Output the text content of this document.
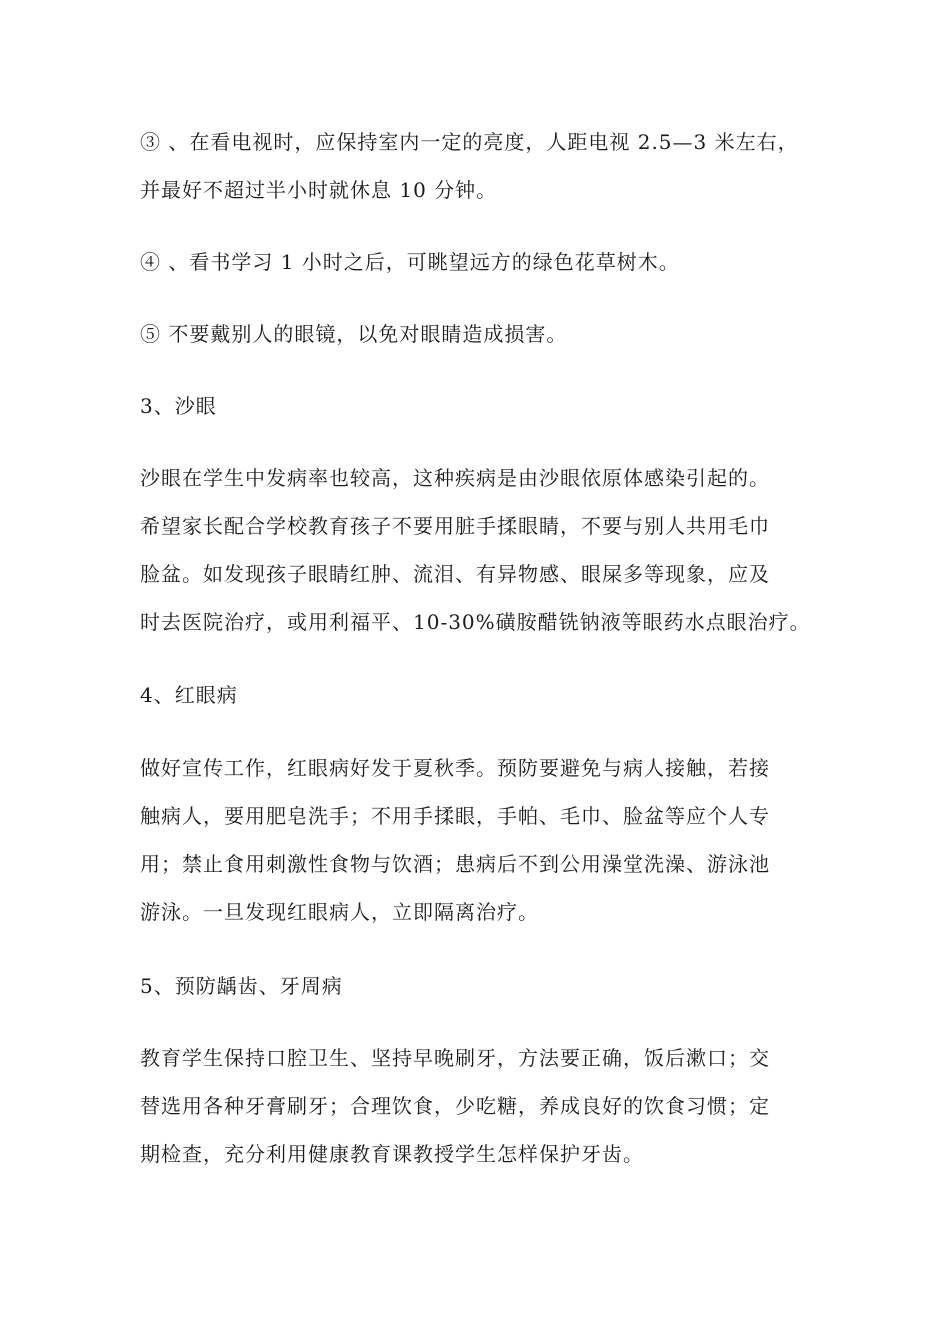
③ 、在看电视时，应保持室内一定的亮度，人距电视 2.5—3 米左右，
并最好不超过半小时就休息 10 分钟。
④ 、看书学习 1 小时之后，可眺望远方的绿色花草树木。
⑤ 不要戴别人的眼镜，以免对眼睛造成损害。
3、沙眼
沙眼在学生中发病率也较高，这种疾病是由沙眼依原体感染引起的。
希望家长配合学校教育孩子不要用脏手揉眼睛，不要与别人共用毛巾
脸盆。如发现孩子眼睛红肿、流泪、有异物感、眼屎多等现象，应及
时去医院治疗，或用利福平、10-30%磺胺醋铣钠液等眼药水点眼治疗。
4、红眼病
做好宣传工作，红眼病好发于夏秋季。预防要避免与病人接触，若接
触病人，要用肥皂洗手；不用手揉眼，手帕、毛巾、脸盆等应个人专
用；禁止食用刺激性食物与饮酒；患病后不到公用澡堂洗澡、游泳池
游泳。一旦发现红眼病人，立即隔离治疗。
5、预防龋齿、牙周病
教育学生保持口腔卫生、坚持早晚刷牙，方法要正确，饭后漱口；交
替选用各种牙膏刷牙；合理饮食，少吃糖，养成良好的饮食习惯；定
期检查，充分利用健康教育课教授学生怎样保护牙齿。
